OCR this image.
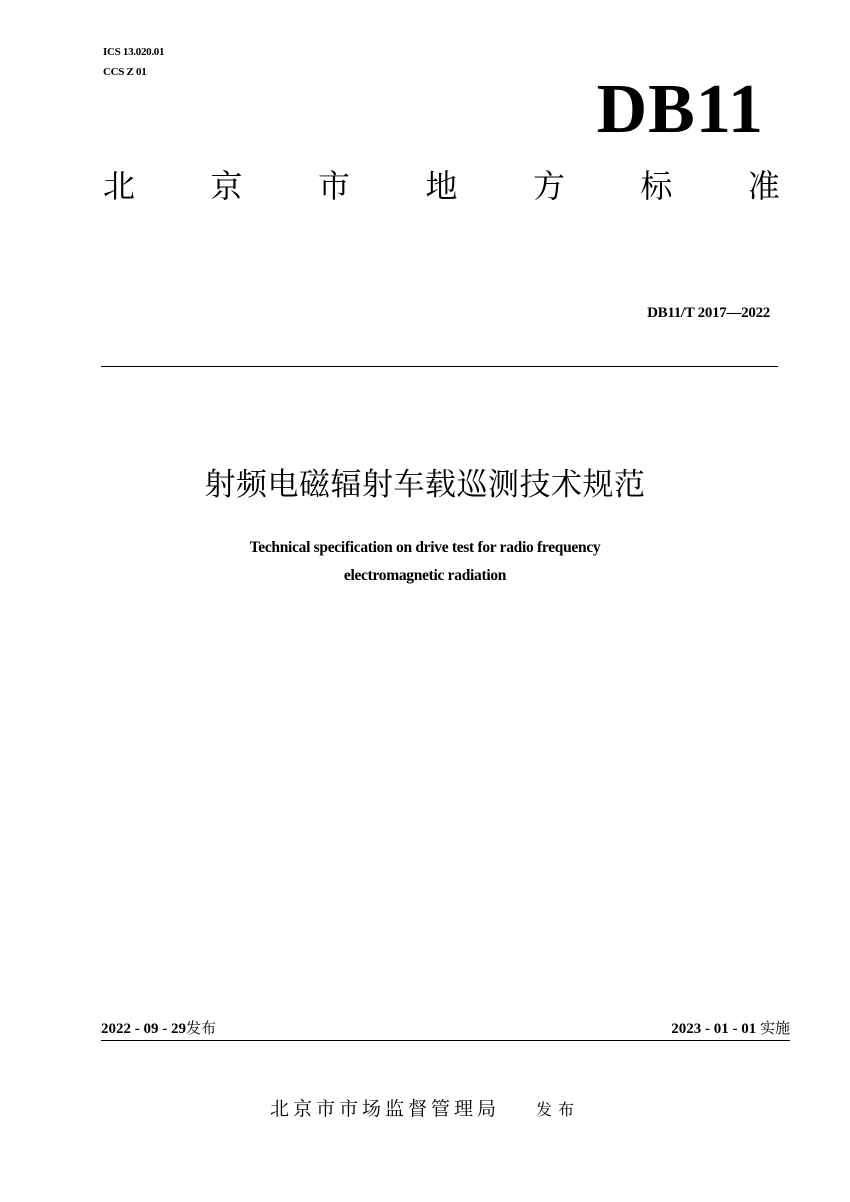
ICS 13.020.01
CCS Z 01	DB11
北 京 市 地 方 标 准
DB11/T 2017—2022
射频电磁辐射车载巡测技术规范
Technical specification on drive test for radio frequency
electromagnetic radiation
2022 - 09 - 29发布	2023 - 01 - 01 实施
北京市市场监督管理局 发布
